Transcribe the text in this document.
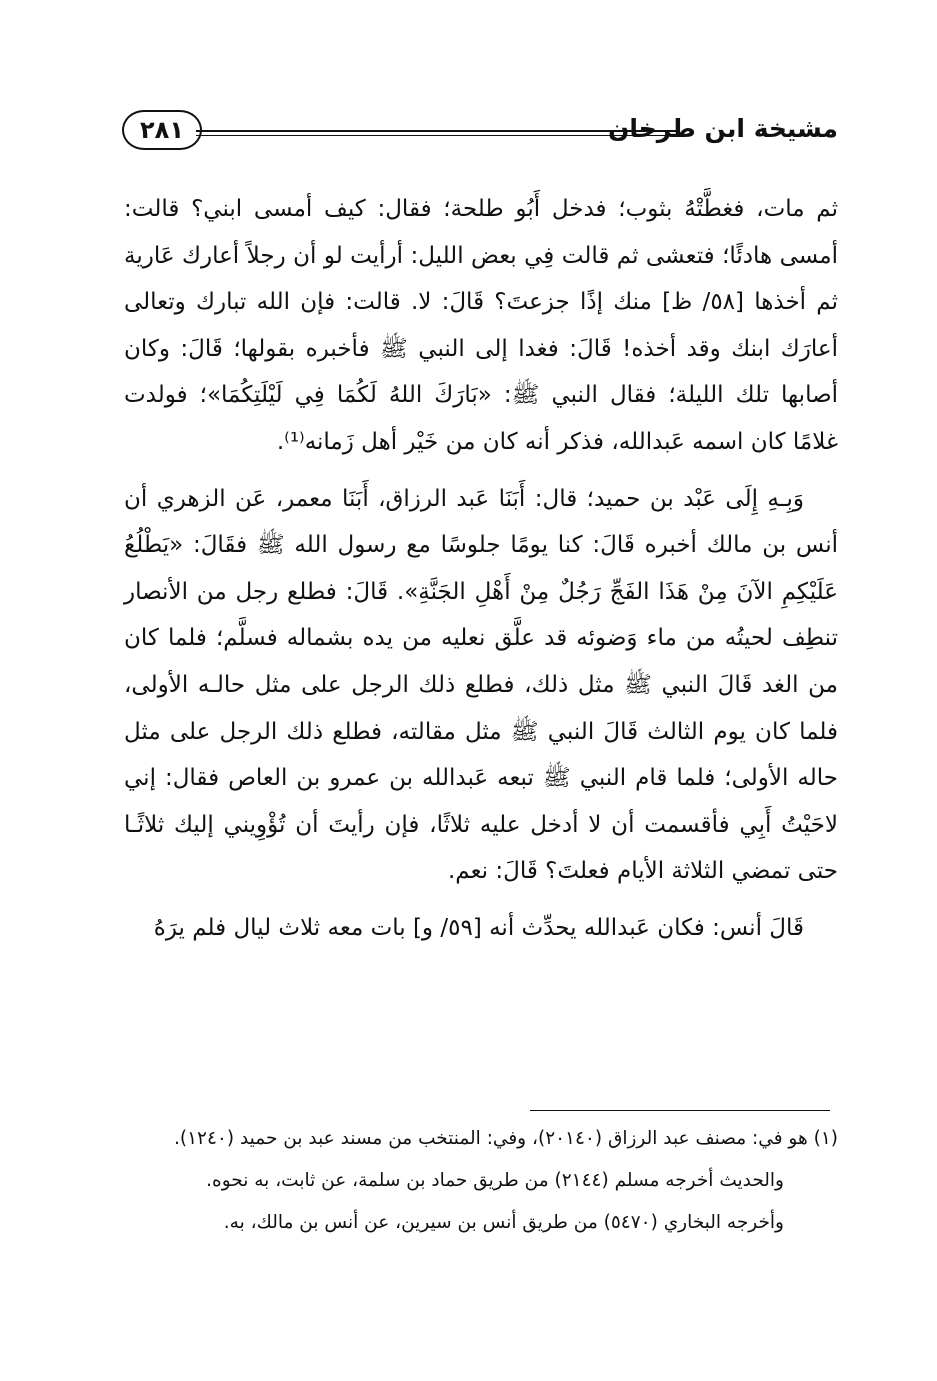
٢٨١	مشيخة ابن طرخان

ثم مات، فغطَّتْهُ بثوب؛ فدخل أَبُو طلحة؛ فقال: كيف أمسى ابني؟ قالت: أمسى هادئًا؛ فتعشى ثم قالت فِي بعض الليل: أرأيت لو أن رجلاً أعارك عَارية ثم أخذها [٥٨/ ظ] منك إذًا جزعتَ؟ قَالَ: لا. قالت: فإن الله تبارك وتعالى أعارَك ابنك وقد أخذه! قَالَ: فغدا إلى النبي ﷺ فأخبره بقولها؛ قَالَ: وكان أصابها تلك الليلة؛ فقال النبي ﷺ: «بَارَكَ اللهُ لَكُمَا فِي لَيْلَتِكُمَا»؛ فولدت غلامًا كان اسمه عَبدالله، فذكر أنه كان من خَيْر أهل زَمانه⁽¹⁾.

وَبِـهِ إِلَى عَبْد بن حميد؛ قال: أَبَنَا عَبد الرزاق، أَبَنَا معمر، عَن الزهري أن أنس بن مالك أخبره قَالَ: كنا يومًا جلوسًا مع رسول الله ﷺ فقَالَ: «يَطْلُعُ عَلَيْكِمِ الآنَ مِنْ هَذَا الفَجِّ رَجُلٌ مِنْ أَهْلِ الجَنَّةِ». قَالَ: فطلع رجل من الأنصار تنطِف لحيتُه من ماء وَضوئه قد علَّق نعليه من يده بشماله فسلَّم؛ فلما كان من الغد قَالَ النبي ﷺ مثل ذلك، فطلع ذلك الرجل على مثل حالـه الأولى، فلما كان يوم الثالث قَالَ النبي ﷺ مثل مقالته، فطلع ذلك الرجل على مثل حاله الأولى؛ فلما قام النبي ﷺ تبعه عَبدالله بن عمرو بن العاص فقال: إني لاحَيْتُ أَبِي فأقسمت أن لا أدخل عليه ثلاثًا، فإن رأيتَ أن تُؤْوِيني إليك ثلاثًـا حتى تمضي الثلاثة الأيام فعلتَ؟ قَالَ: نعم.

قَالَ أنس: فكان عَبدالله يحدِّث أنه [٥٩/ و] بات معه ثلاث ليال فلم يرَهُ

(١) هو في: مصنف عبد الرزاق (٢٠١٤٠)، وفي: المنتخب من مسند عبد بن حميد (١٢٤٠).

والحديث أخرجه مسلم (٢١٤٤) من طريق حماد بن سلمة، عن ثابت، به نحوه.

وأخرجه البخاري (٥٤٧٠) من طريق أنس بن سيرين، عن أنس بن مالك، به.
